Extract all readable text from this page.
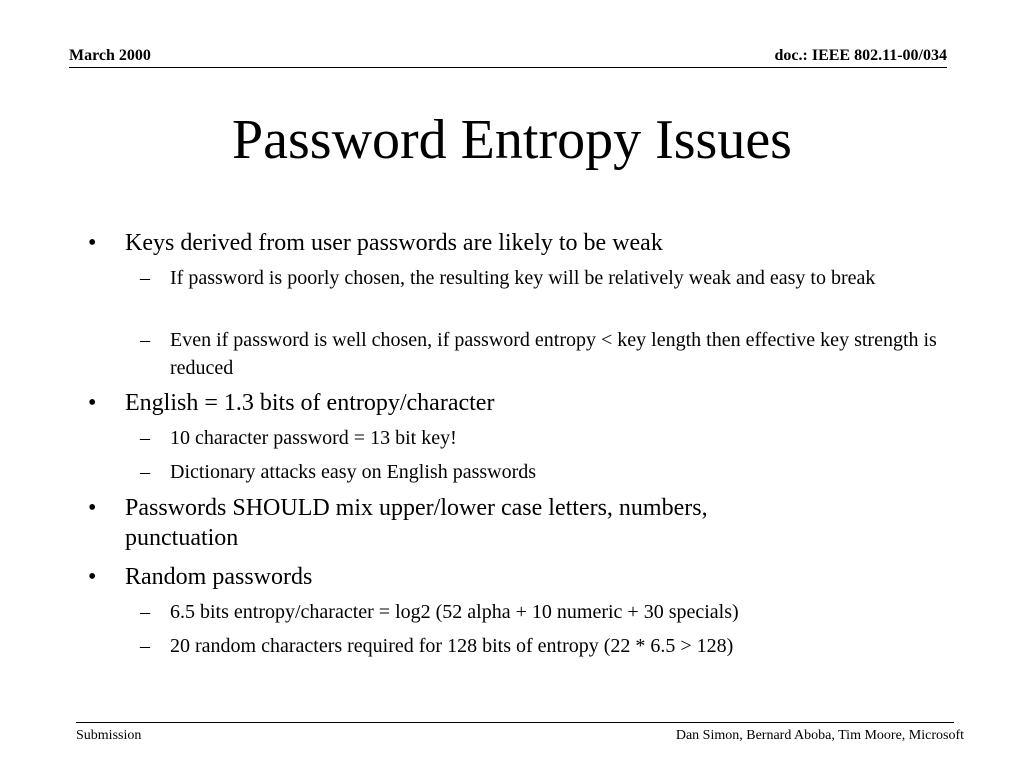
March 2000	doc.: IEEE 802.11-00/034
Password Entropy Issues
• Keys derived from user passwords are likely to be weak
– If password is poorly chosen, the resulting key will be relatively weak and easy to break
– Even if password is well chosen, if password entropy < key length then effective key strength is reduced
• English = 1.3 bits of entropy/character
– 10 character password = 13 bit key!
– Dictionary attacks easy on English passwords
• Passwords SHOULD mix upper/lower case letters, numbers, punctuation
• Random passwords
– 6.5 bits entropy/character = log2 (52 alpha + 10 numeric + 30 specials)
– 20 random characters required for 128 bits of entropy (22 * 6.5 > 128)
Submission	Dan Simon, Bernard Aboba, Tim Moore, Microsoft
